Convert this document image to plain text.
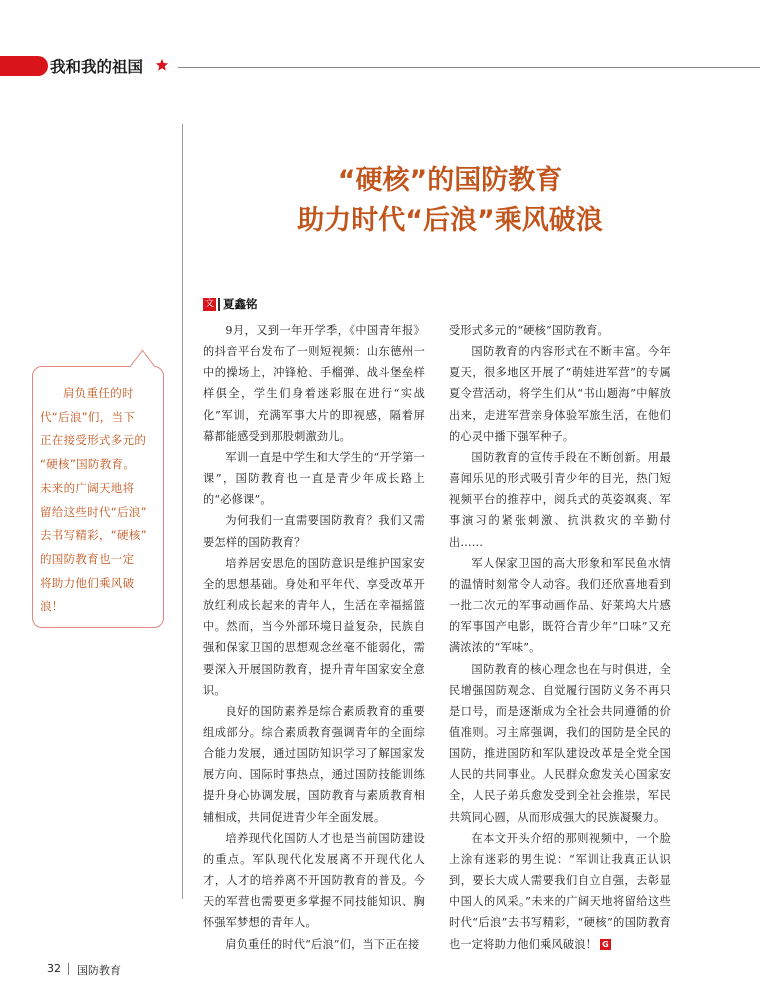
我和我的祖国
“硬核”的国防教育
助力时代“后浪”乘风破浪
文 夏鑫铭

9月，又到一年开学季，《中国青年报》的抖音平台发布了一则短视频：山东德州一中的操场上，冲锋枪、手榴弹、战斗堡垒样样俱全，学生们身着迷彩服在进行“实战化”军训，充满军事大片的即视感，隔着屏幕都能感受到那股刺激劲儿。

军训一直是中学生和大学生的“开学第一课”，国防教育也一直是青少年成长路上的“必修课”。

为何我们一直需要国防教育？我们又需要怎样的国防教育？

培养居安思危的国防意识是维护国家安全的思想基础。身处和平年代、享受改革开放红利成长起来的青年人，生活在幸福摇篮中。然而，当今外部环境日益复杂，民族自强和保家卫国的思想观念丝毫不能弱化，需要深入开展国防教育，提升青年国家安全意识。

良好的国防素养是综合素质教育的重要组成部分。综合素质教育强调青年的全面综合能力发展，通过国防知识学习了解国家发展方向、国际时事热点，通过国防技能训练提升身心协调发展，国防教育与素质教育相辅相成，共同促进青少年全面发展。

培养现代化国防人才也是当前国防建设的重点。军队现代化发展离不开现代化人才，人才的培养离不开国防教育的普及。今天的军营也需要更多掌握不同技能知识、胸怀强军梦想的青年人。

肩负重任的时代“后浪”们，当下正在接

受形式多元的“硬核”国防教育。

国防教育的内容形式在不断丰富。今年夏天，很多地区开展了“萌娃进军营”的专属夏令营活动，将学生们从“书山题海”中解放出来，走进军营亲身体验军旅生活，在他们的心灵中播下强军种子。

国防教育的宣传手段在不断创新。用最喜闻乐见的形式吸引青少年的目光，热门短视频平台的推荐中，阅兵式的英姿飒爽、军事演习的紧张刺激、抗洪救灾的辛勤付出……

军人保家卫国的高大形象和军民鱼水情的温情时刻常令人动容。我们还欣喜地看到一批二次元的军事动画作品、好莱坞大片感的军事国产电影，既符合青少年“口味”又充满浓浓的“军味”。

国防教育的核心理念也在与时俱进，全民增强国防观念、自觉履行国防义务不再只是口号，而是逐渐成为全社会共同遵循的价值准则。习主席强调，我们的国防是全民的国防，推进国防和军队建设改革是全党全国人民的共同事业。人民群众愈发关心国家安全，人民子弟兵愈发受到全社会推崇，军民共筑同心圆，从而形成强大的民族凝聚力。

在本文开头介绍的那则视频中，一个脸上涂有迷彩的男生说：“军训让我真正认识到，要长大成人需要我们自立自强，去彰显中国人的风采。”未来的广阔天地将留给这些时代“后浪”去书写精彩，“硬核”的国防教育也一定将助力他们乘风破浪！ G

肩负重任的时
代“后浪”们，当下
正在接受形式多元的
“硬核”国防教育。
未来的广阔天地将
留给这些时代“后浪”
去书写精彩，“硬核”
的国防教育也一定
将助力他们乘风破
浪！
32 国防教育
